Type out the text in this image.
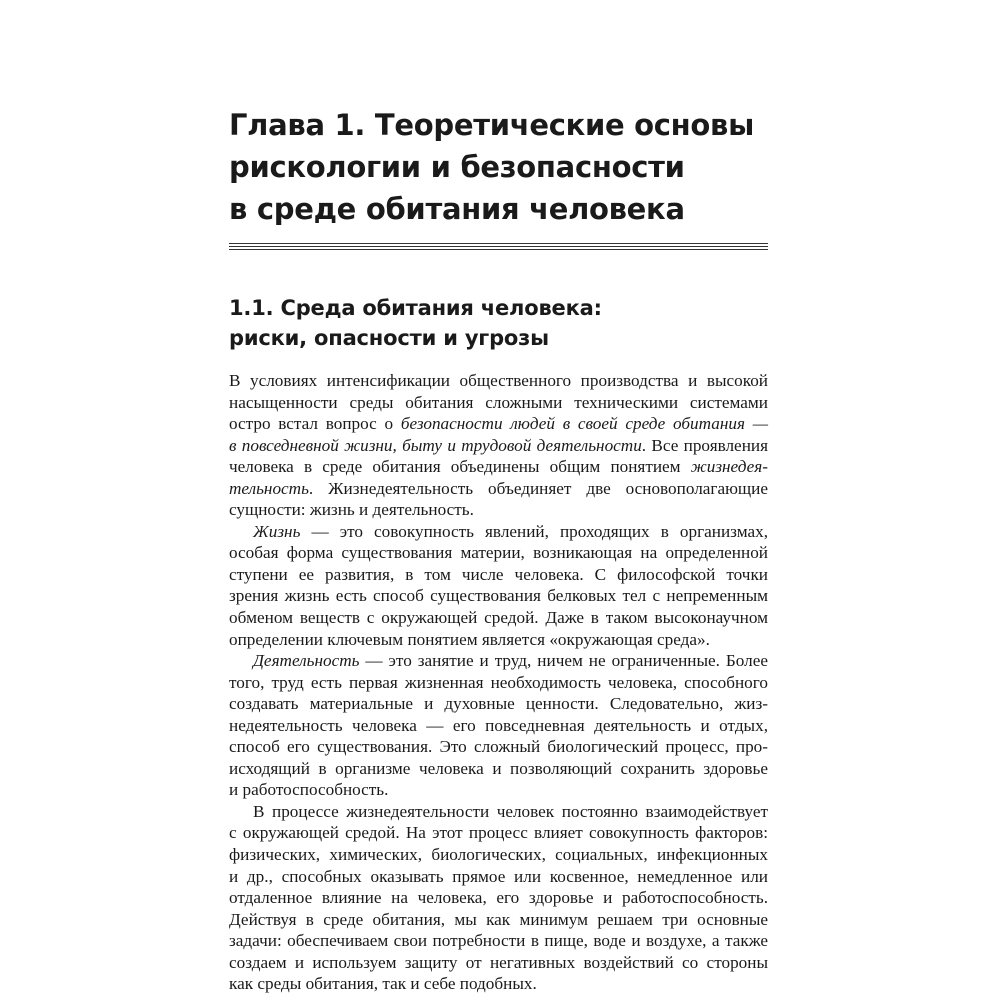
Глава 1. Теоретические основы
рискологии и безопасности
в среде обитания человека
1.1. Среда обитания человека:
риски, опасности и угрозы
В условиях интенсификации общественного производства и высокой
насыщенности среды обитания сложными техническими системами
остро встал вопрос о безопасности людей в своей среде обитания —
в повседневной жизни, быту и трудовой деятельности. Все проявления
человека в среде обитания объединены общим понятием жизнедея-
тельность. Жизнедеятельность объединяет две основополагающие
сущности: жизнь и деятельность.
Жизнь — это совокупность явлений, проходящих в организмах,
особая форма существования материи, возникающая на определенной
ступени ее развития, в том числе человека. С философской точки
зрения жизнь есть способ существования белковых тел с непременным
обменом веществ с окружающей средой. Даже в таком высоконаучном
определении ключевым понятием является «окружающая среда».
Деятельность — это занятие и труд, ничем не ограниченные. Более
того, труд есть первая жизненная необходимость человека, способного
создавать материальные и духовные ценности. Следовательно, жиз-
недеятельность человека — его повседневная деятельность и отдых,
способ его существования. Это сложный биологический процесс, про-
исходящий в организме человека и позволяющий сохранить здоровье
и работоспособность.
В процессе жизнедеятельности человек постоянно взаимодействует
с окружающей средой. На этот процесс влияет совокупность факторов:
физических, химических, биологических, социальных, инфекционных
и др., способных оказывать прямое или косвенное, немедленное или
отдаленное влияние на человека, его здоровье и работоспособность.
Действуя в среде обитания, мы как минимум решаем три основные
задачи: обеспечиваем свои потребности в пище, воде и воздухе, а также
создаем и используем защиту от негативных воздействий со стороны
как среды обитания, так и себе подобных.
